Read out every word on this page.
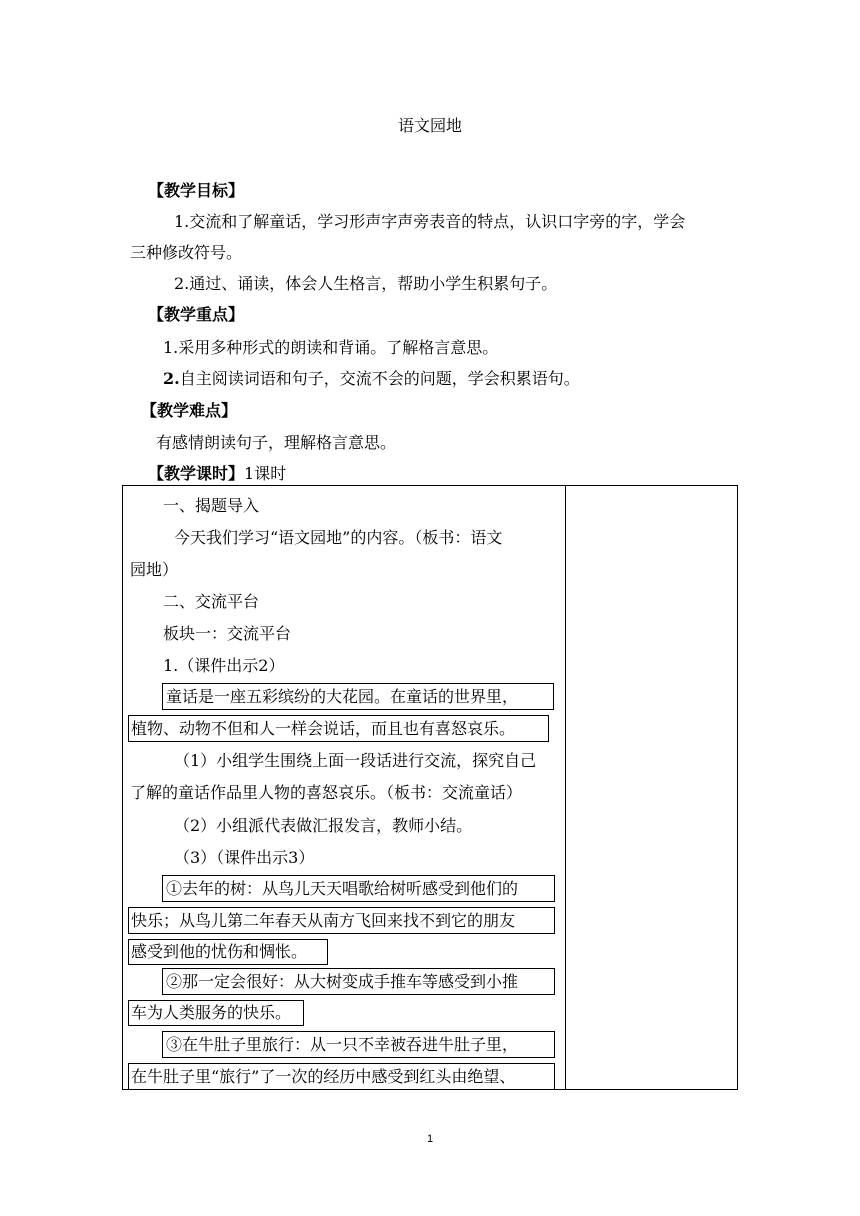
语文园地
【教学目标】
1.交流和了解童话，学习形声字声旁表音的特点，认识口字旁的字，学会
三种修改符号。
2.通过、诵读，体会人生格言，帮助小学生积累句子。
【教学重点】
1.采用多种形式的朗读和背诵。了解格言意思。
2.自主阅读词语和句子，交流不会的问题，学会积累语句。
【教学难点】
有感情朗读句子，理解格言意思。
【教学课时】1课时
一、揭题导入
今天我们学习“语文园地”的内容。（板书：语文
园地）
二、交流平台
板块一：交流平台
1.（课件出示2）
童话是一座五彩缤纷的大花园。在童话的世界里，
植物、动物不但和人一样会说话，而且也有喜怒哀乐。
（1）小组学生围绕上面一段话进行交流，探究自己
了解的童话作品里人物的喜怒哀乐。（板书：交流童话）
（2）小组派代表做汇报发言，教师小结。
（3）（课件出示3）
①去年的树：从鸟儿天天唱歌给树听感受到他们的
快乐；从鸟儿第二年春天从南方飞回来找不到它的朋友
感受到他的忧伤和惆怅。
②那一定会很好：从大树变成手推车等感受到小推
车为人类服务的快乐。
③在牛肚子里旅行：从一只不幸被吞进牛肚子里，
在牛肚子里“旅行”了一次的经历中感受到红头由绝望、
1
